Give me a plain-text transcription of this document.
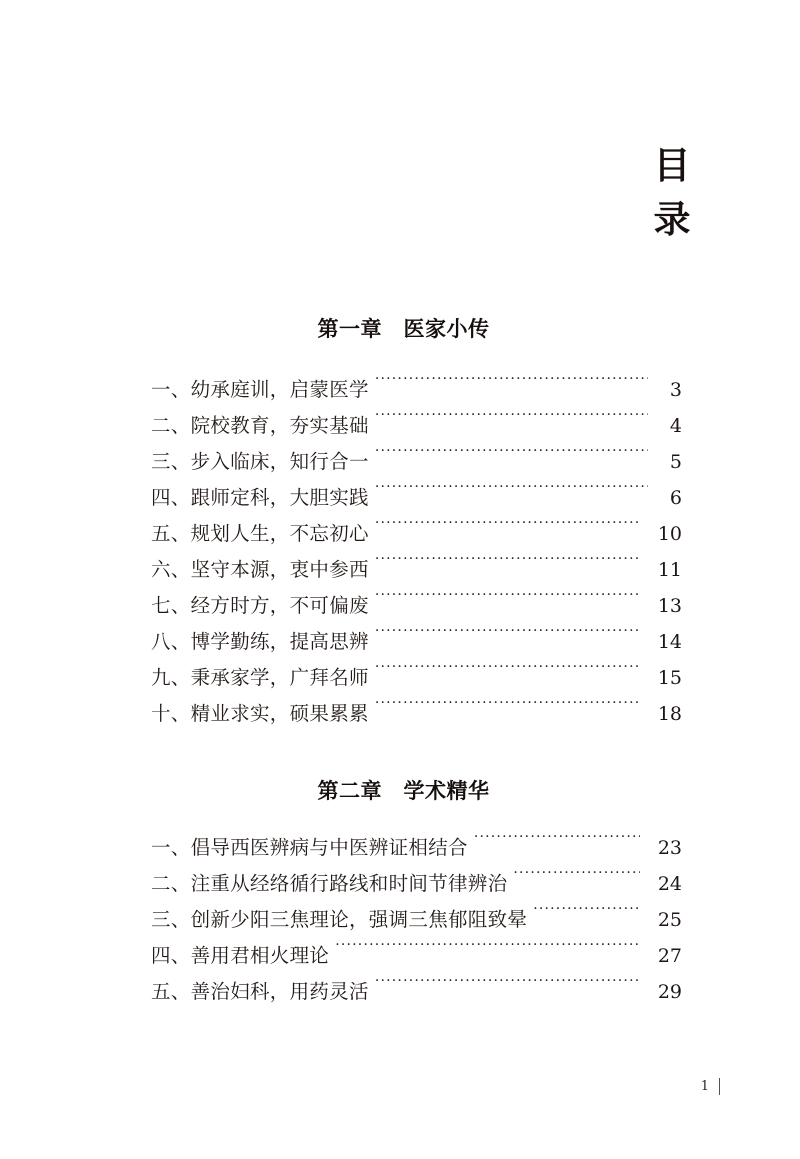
目
录
第一章　医家小传
一、幼承庭训，启蒙医学 ·····	3
二、院校教育，夯实基础 ·····	4
三、步入临床，知行合一 ·····	5
四、跟师定科，大胆实践 ·····	6
五、规划人生，不忘初心 ·····	10
六、坚守本源，衷中参西 ·····	11
七、经方时方，不可偏废 ·····	13
八、博学勤练，提高思辨 ·····	14
九、秉承家学，广拜名师 ·····	15
十、精业求实，硕果累累 ·····	18
第二章　学术精华
一、倡导西医辨病与中医辨证相结合 ·····	23
二、注重从经络循行路线和时间节律辨治 ·····	24
三、创新少阳三焦理论，强调三焦郁阻致晕 ·····	25
四、善用君相火理论 ·····	27
五、善治妇科，用药灵活 ·····	29
1
